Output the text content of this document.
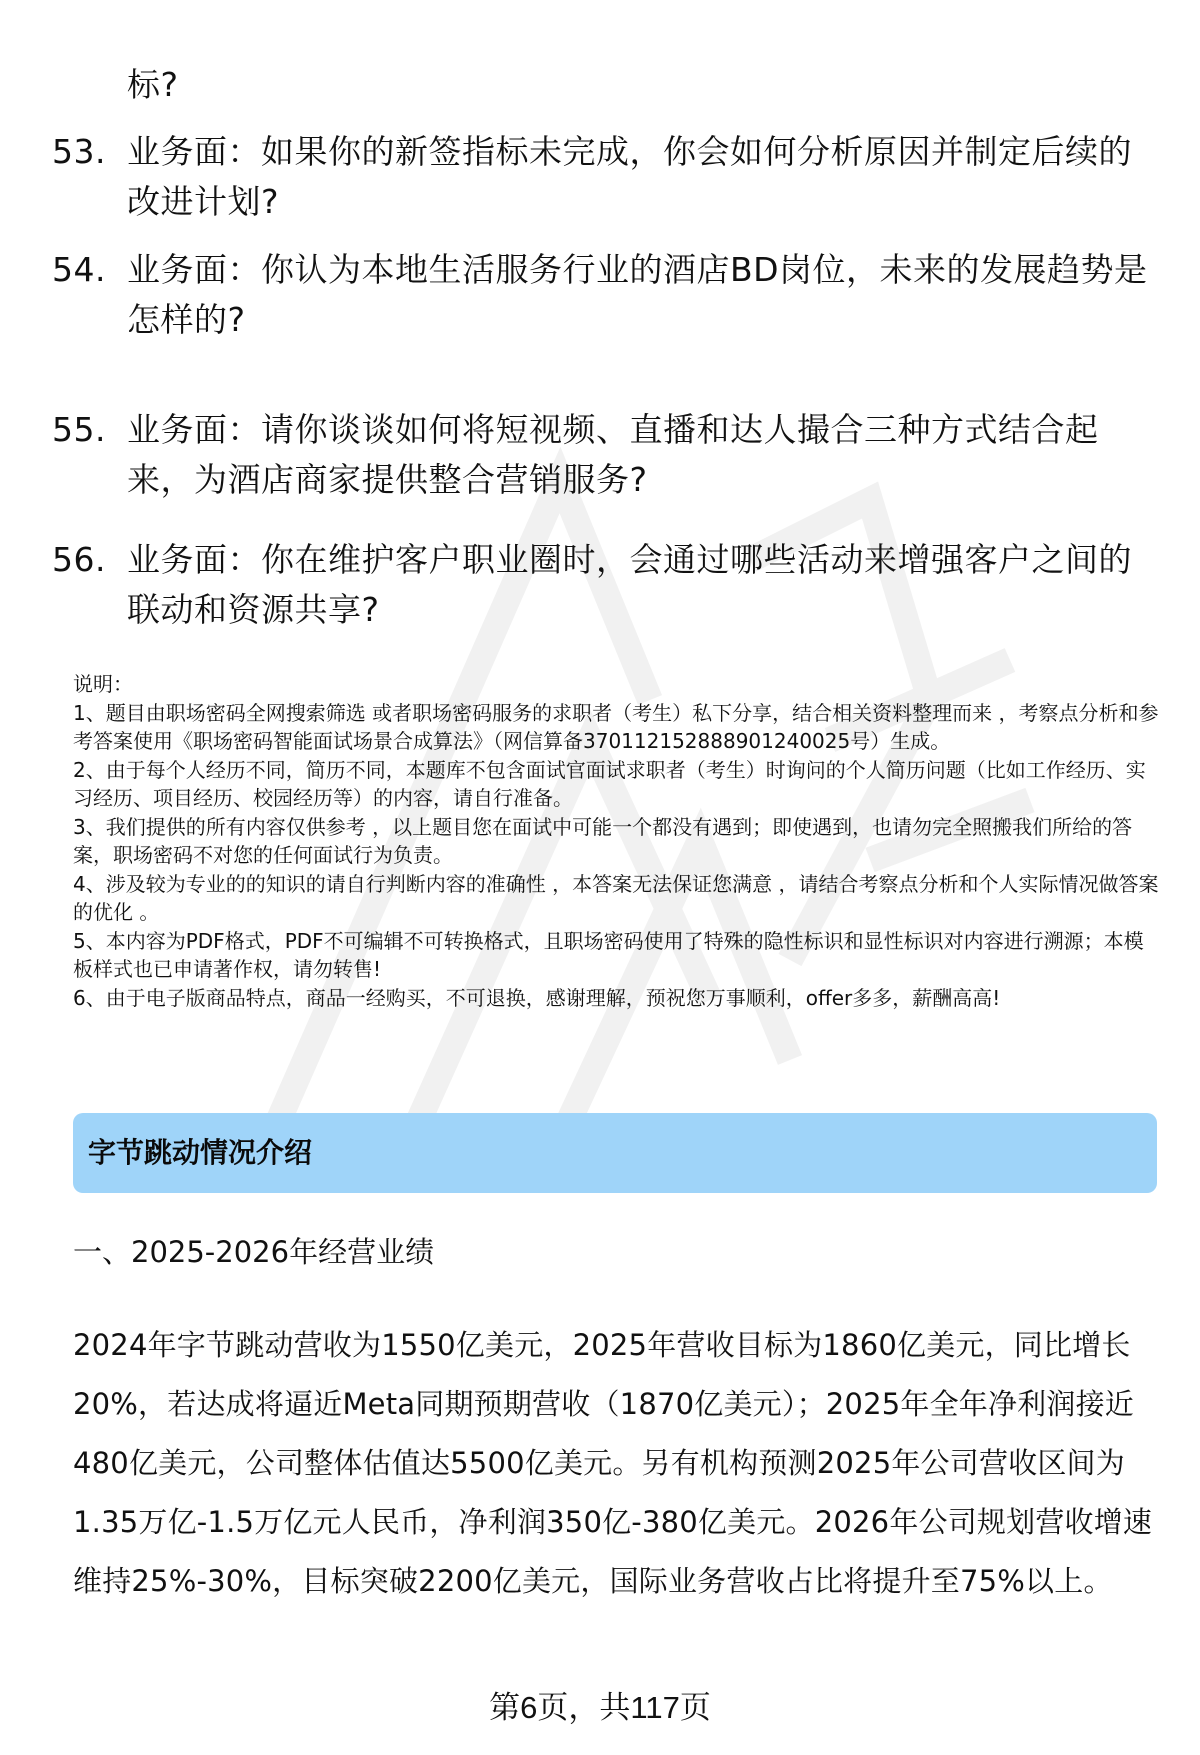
标?
53. 业务面：如果你的新签指标未完成，你会如何分析原因并制定后续的改进计划?
54. 业务面：你认为本地生活服务行业的酒店BD岗位，未来的发展趋势是怎样的?
55. 业务面：请你谈谈如何将短视频、直播和达人撮合三种方式结合起来，为酒店商家提供整合营销服务?
56. 业务面：你在维护客户职业圈时，会通过哪些活动来增强客户之间的联动和资源共享?

说明：

1、题目由职场密码全网搜索筛选 或者职场密码服务的求职者（考生）私下分享，结合相关资料整理而来 ，考察点分析和参考答案使用《职场密码智能面试场景合成算法》（网信算备370112152888901240025号）生成。

2、由于每个人经历不同，简历不同，本题库不包含面试官面试求职者（考生）时询问的个人简历问题（比如工作经历、实习经历、项目经历、校园经历等）的内容，请自行准备。

3、我们提供的所有内容仅供参考 ，以上题目您在面试中可能一个都没有遇到；即使遇到，也请勿完全照搬我们所给的答案，职场密码不对您的任何面试行为负责。

4、涉及较为专业的的知识的请自行判断内容的准确性 ，本答案无法保证您满意 ，请结合考察点分析和个人实际情况做答案的优化 。

5、本内容为PDF格式，PDF不可编辑不可转换格式，且职场密码使用了特殊的隐性标识和显性标识对内容进行溯源；本模板样式也已申请著作权，请勿转售!

6、由于电子版商品特点，商品一经购买，不可退换，感谢理解，预祝您万事顺利，offer多多，薪酬高高!

字节跳动情况介绍
一、2025-2026年经营业绩
2024年字节跳动营收为1550亿美元，2025年营收目标为1860亿美元，同比增长20%，若达成将逼近Meta同期预期营收（1870亿美元）；2025年全年净利润接近480亿美元，公司整体估值达5500亿美元。另有机构预测2025年公司营收区间为1.35万亿-1.5万亿元人民币，净利润350亿-380亿美元。2026年公司规划营收增速维持25%-30%，目标突破2200亿美元，国际业务营收占比将提升至75%以上。
第6页，共117页
